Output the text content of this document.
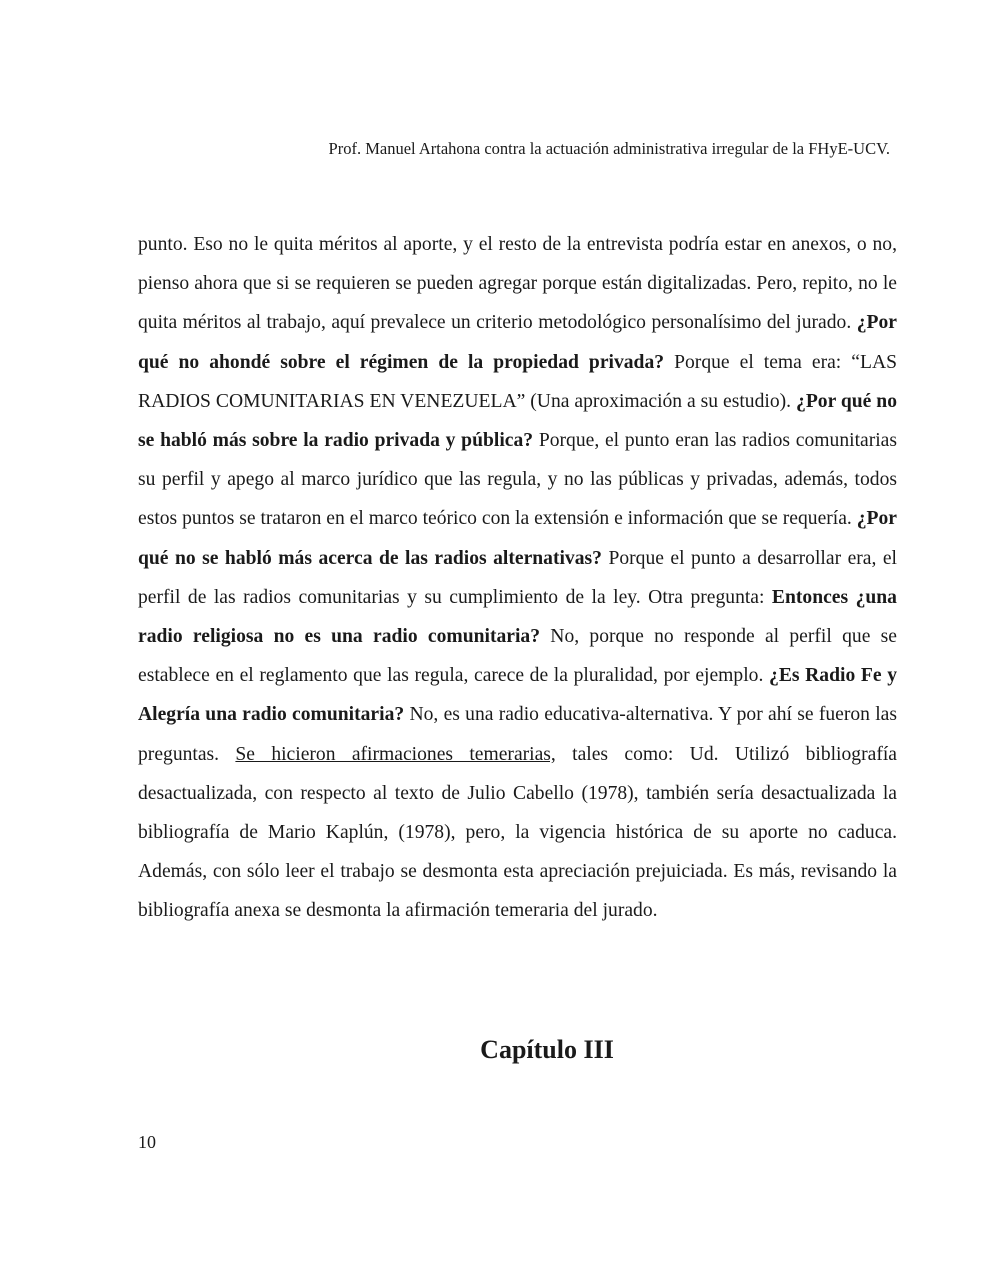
Prof. Manuel Artahona contra la actuación administrativa irregular de la FHyE-UCV.

punto. Eso no le quita méritos al aporte, y el resto de la entrevista podría estar en anexos, o no, pienso ahora que si se requieren se pueden agregar porque están digitalizadas. Pero, repito, no le quita méritos al trabajo, aquí prevalece un criterio metodológico personalísimo del jurado. ¿Por qué no ahondé sobre el régimen de la propiedad privada? Porque el tema era: “LAS RADIOS COMUNITARIAS EN VENEZUELA” (Una aproximación a su estudio). ¿Por qué no se habló más sobre la radio privada y pública? Porque, el punto eran las radios comunitarias su perfil y apego al marco jurídico que las regula, y no las públicas y privadas, además, todos estos puntos se trataron en el marco teórico con la extensión e información que se requería. ¿Por qué no se habló más acerca de las radios alternativas? Porque el punto a desarrollar era, el perfil de las radios comunitarias y su cumplimiento de la ley. Otra pregunta: Entonces ¿una radio religiosa no es una radio comunitaria? No, porque no responde al perfil que se establece en el reglamento que las regula, carece de la pluralidad, por ejemplo. ¿Es Radio Fe y Alegría una radio comunitaria? No, es una radio educativa-alternativa. Y por ahí se fueron las preguntas. Se hicieron afirmaciones temerarias, tales como: Ud. Utilizó bibliografía desactualizada, con respecto al texto de Julio Cabello (1978), también sería desactualizada la bibliografía de Mario Kaplún, (1978), pero, la vigencia histórica de su aporte no caduca. Además, con sólo leer el trabajo se desmonta esta apreciación prejuiciada. Es más, revisando la bibliografía anexa se desmonta la afirmación temeraria del jurado.

Capítulo III
10
